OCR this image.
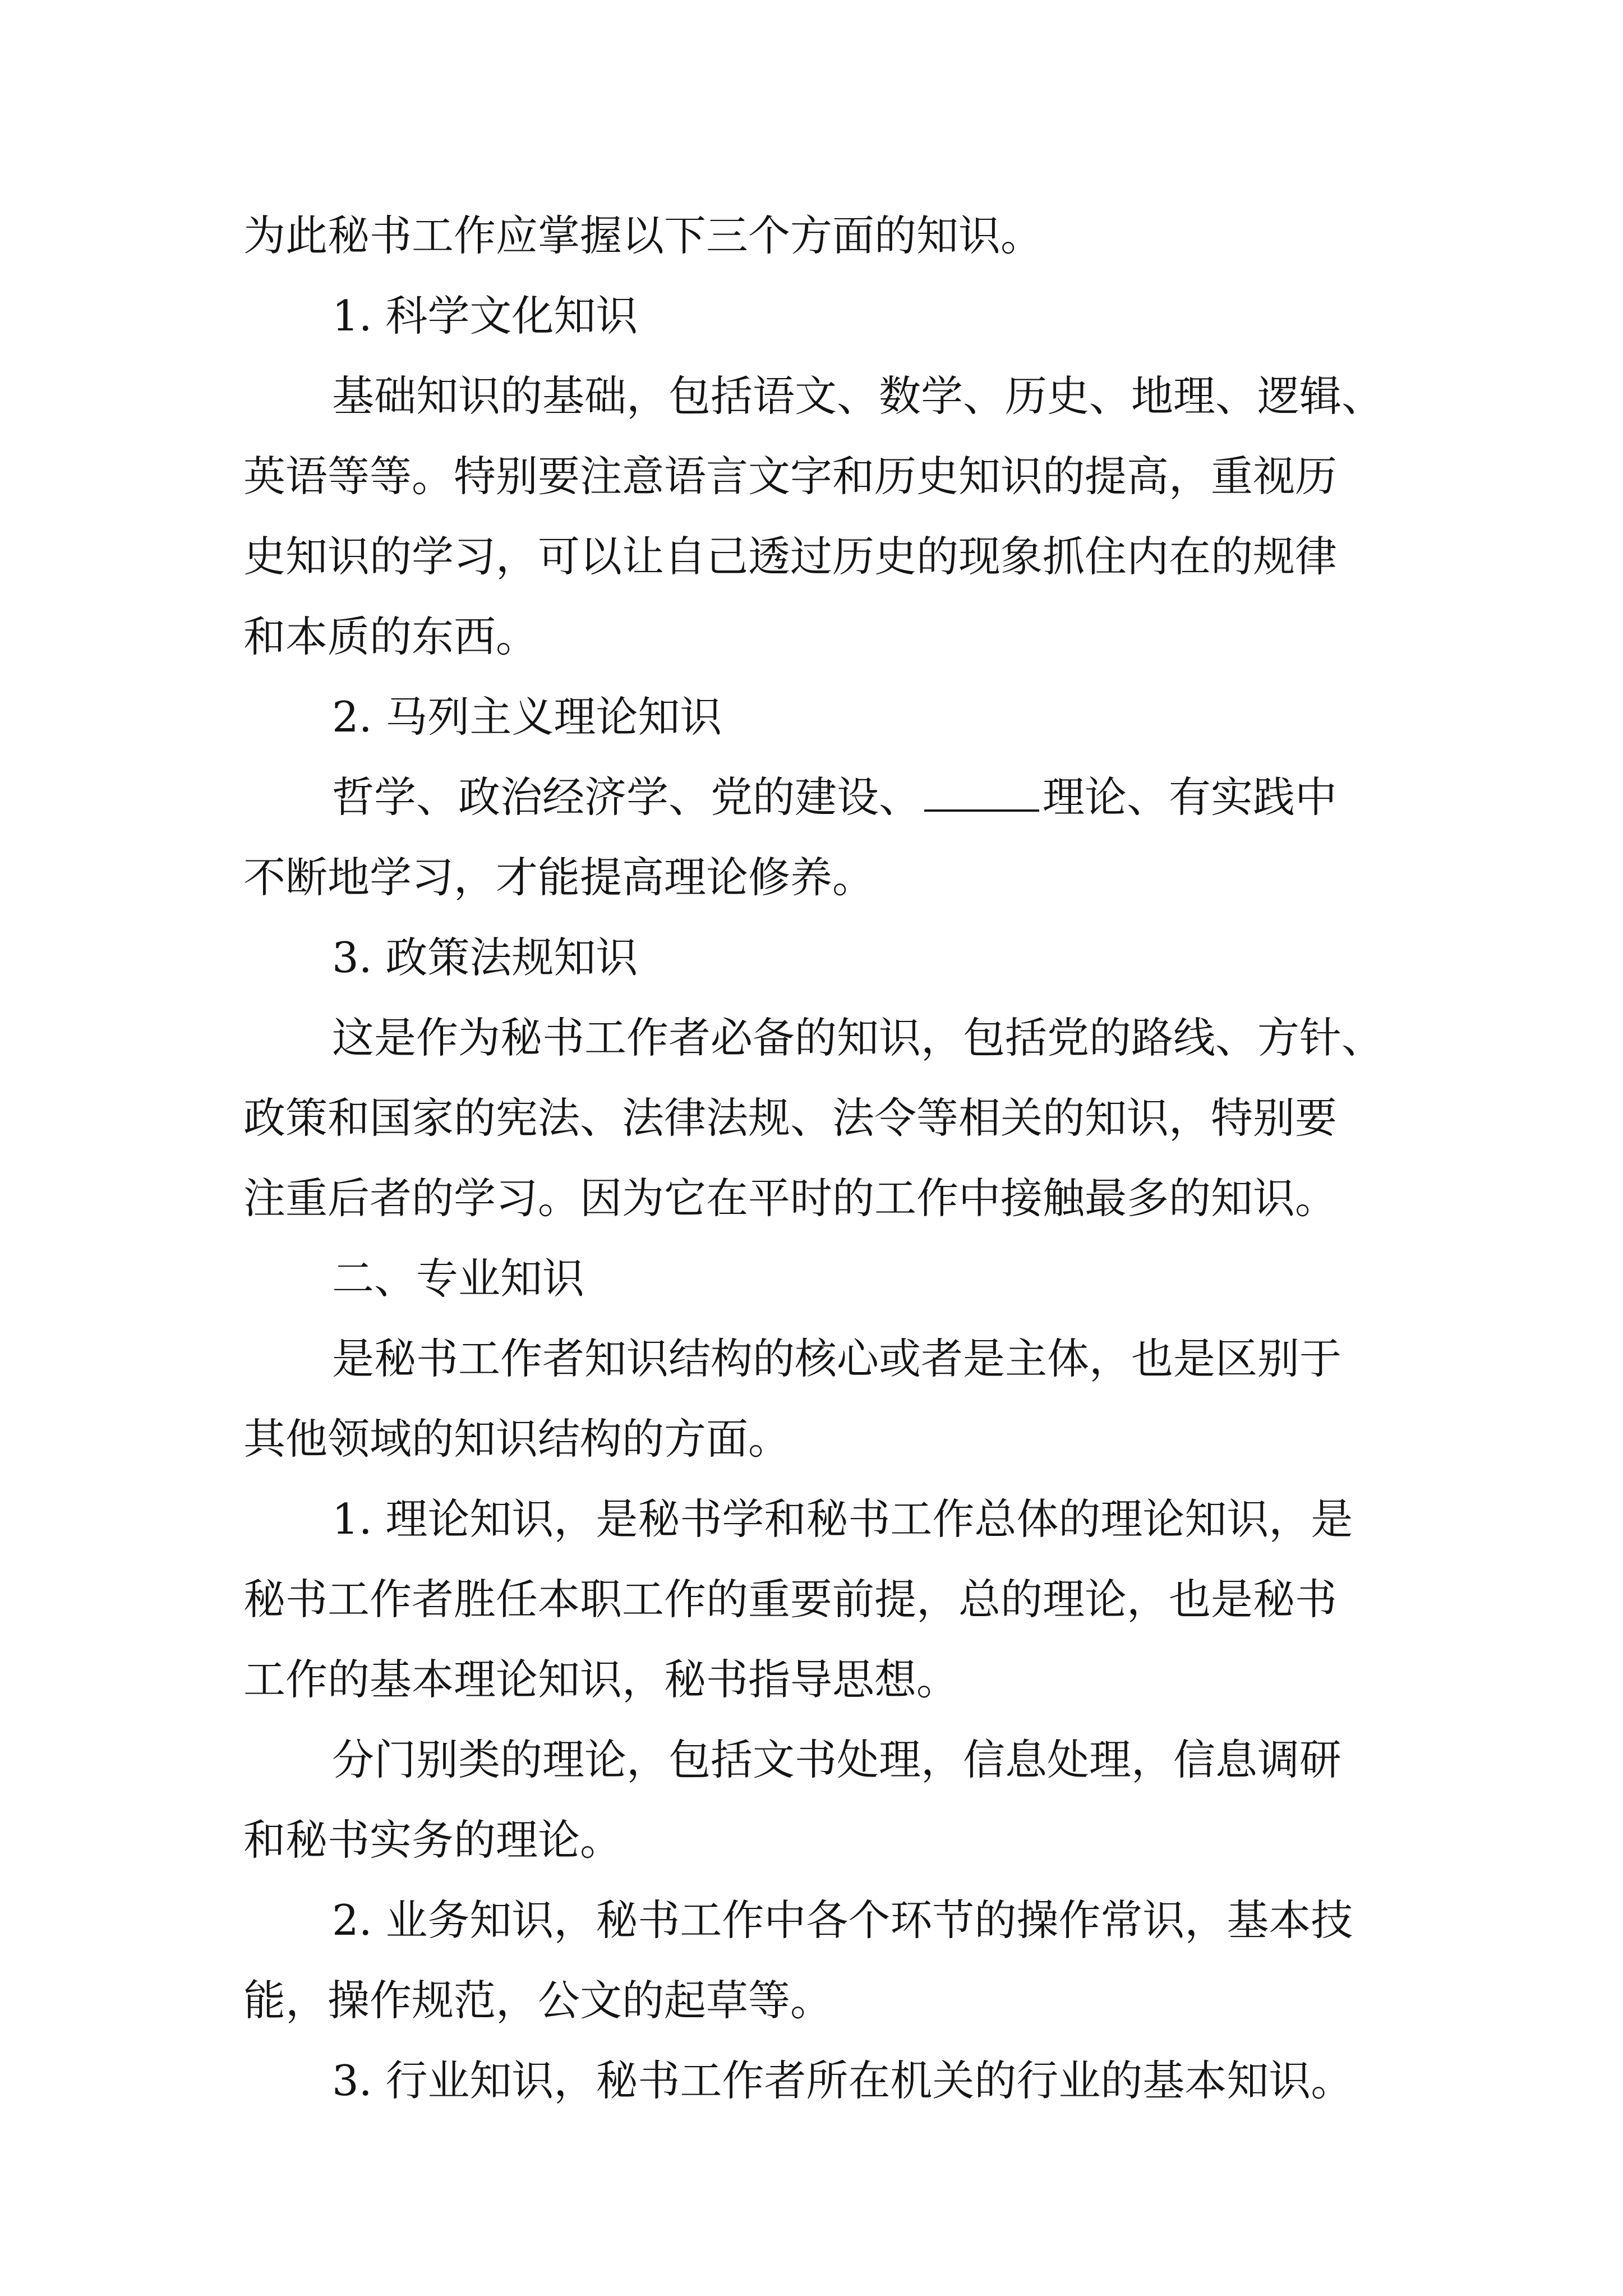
为此秘书工作应掌握以下三个方面的知识。
1. 科学文化知识
基础知识的基础，包括语文、数学、历史、地理、逻辑、
英语等等。特别要注意语言文字和历史知识的提高，重视历
史知识的学习，可以让自己透过历史的现象抓住内在的规律
和本质的东西。
2. 马列主义理论知识
哲学、政治经济学、党的建设、	理论、有实践中
不断地学习，才能提高理论修养。
3. 政策法规知识
这是作为秘书工作者必备的知识，包括党的路线、方针、
政策和国家的宪法、法律法规、法令等相关的知识，特别要
注重后者的学习。因为它在平时的工作中接触最多的知识。
二、专业知识
是秘书工作者知识结构的核心或者是主体，也是区别于
其他领域的知识结构的方面。
1. 理论知识，是秘书学和秘书工作总体的理论知识，是
秘书工作者胜任本职工作的重要前提，总的理论，也是秘书
工作的基本理论知识，秘书指导思想。
分门别类的理论，包括文书处理，信息处理，信息调研
和秘书实务的理论。
2. 业务知识，秘书工作中各个环节的操作常识，基本技
能，操作规范，公文的起草等。
3. 行业知识，秘书工作者所在机关的行业的基本知识。
